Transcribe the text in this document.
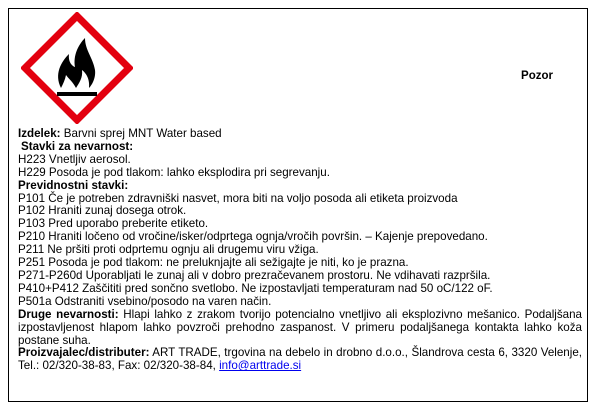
Pozor
Izdelek: Barvni sprej MNT Water based
Stavki za nevarnost:
H223 Vnetljiv aerosol.
H229 Posoda je pod tlakom: lahko eksplodira pri segrevanju.
Previdnostni stavki:
P101 Če je potreben zdravniški nasvet, mora biti na voljo posoda ali etiketa proizvoda
P102 Hraniti zunaj dosega otrok.
P103 Pred uporabo preberite etiketo.
P210 Hraniti ločeno od vročine/isker/odprtega ognja/vročih površin. – Kajenje prepovedano.
P211 Ne pršiti proti odprtemu ognju ali drugemu viru vžiga.
P251 Posoda je pod tlakom: ne preluknjajte ali sežigajte je niti, ko je prazna.
P271-P260d Uporabljati le zunaj ali v dobro prezračevanem prostoru. Ne vdihavati razpršila.
P410+P412 Zaščititi pred sončno svetlobo. Ne izpostavljati temperaturam nad 50 oC/122 oF.
P501a Odstraniti vsebino/posodo na varen način.
Druge nevarnosti: Hlapi lahko z zrakom tvorijo potencialno vnetljivo ali eksplozivno mešanico. Podaljšana izpostavljenost hlapom lahko povzroči prehodno zaspanost. V primeru podaljšanega kontakta lahko koža postane suha.
Proizvajalec/distributer: ART TRADE, trgovina na debelo in drobno d.o.o., Šlandrova cesta 6, 3320 Velenje, Tel.: 02/320-38-83, Fax: 02/320-38-84, info@arttrade.si
